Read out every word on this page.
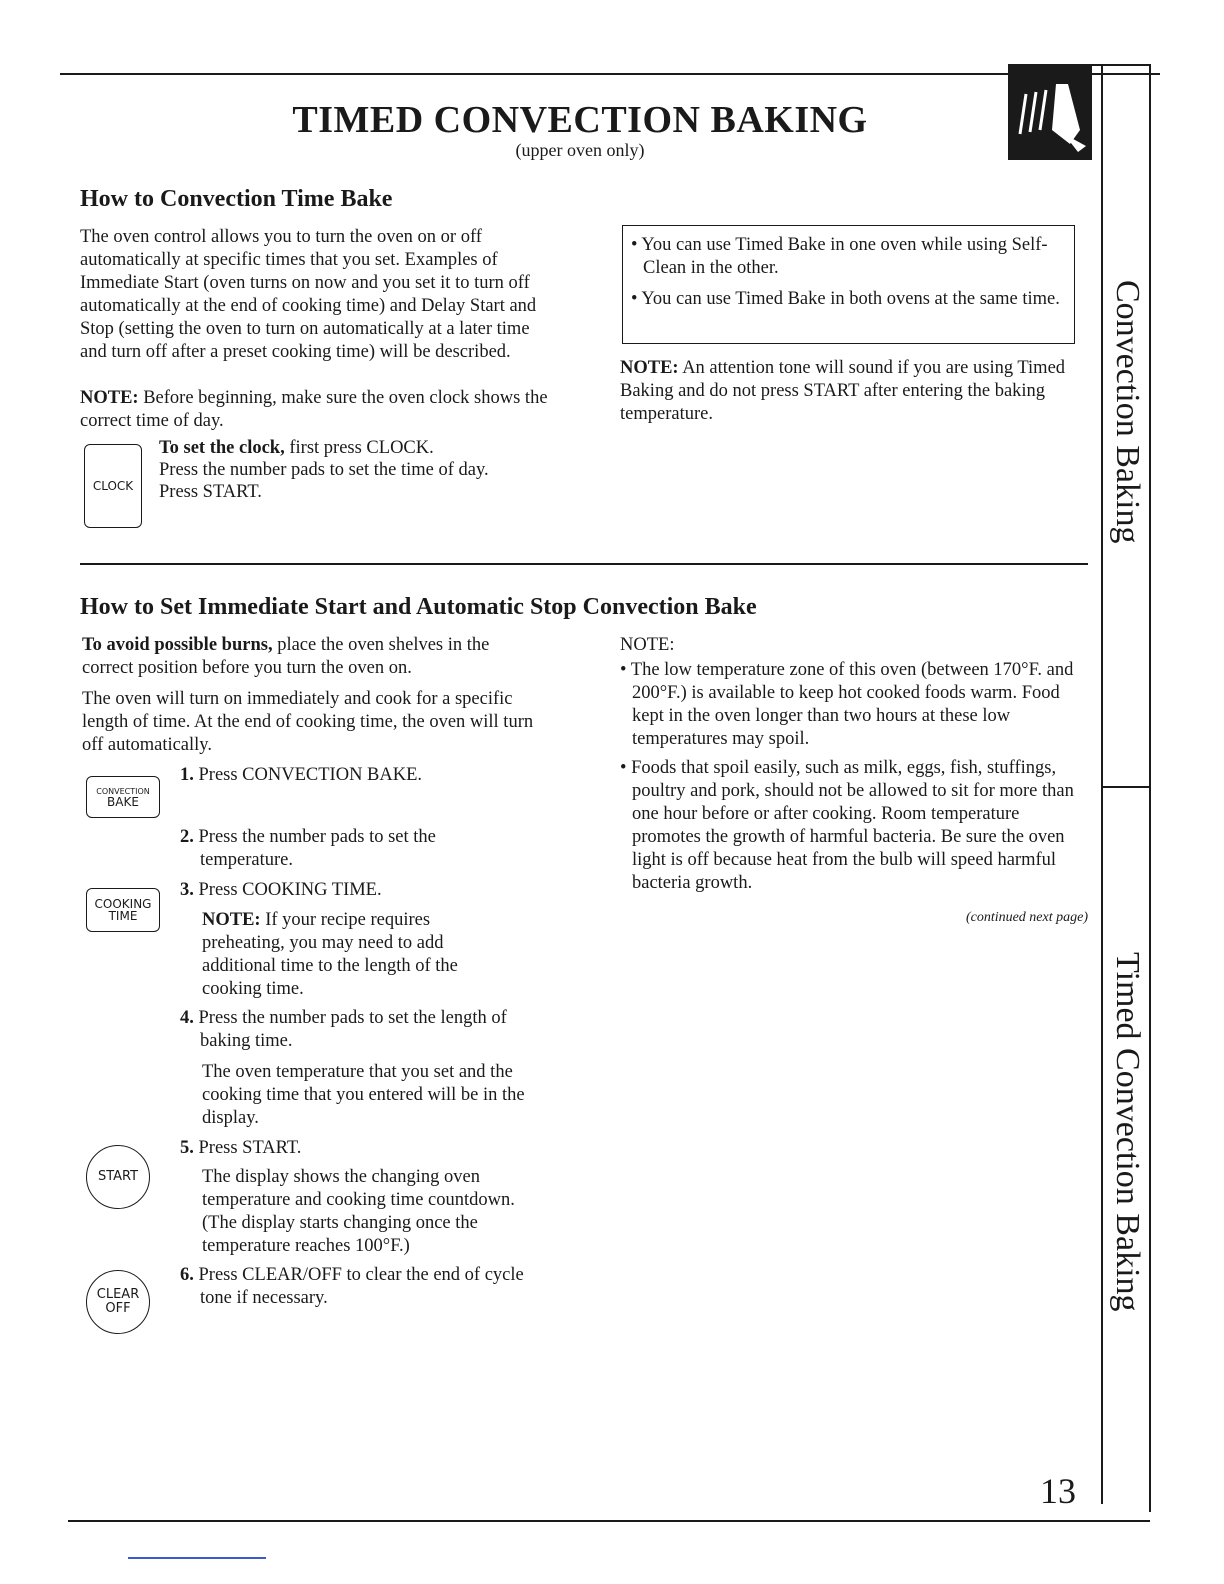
Convection Baking
Timed Convection Baking
TIMED CONVECTION BAKING
(upper oven only)
How to Convection Time Bake

The oven control allows you to turn the oven on or off automatically at specific times that you set. Examples of Immediate Start (oven turns on now and you set it to turn off automatically at the end of cooking time) and Delay Start and Stop (setting the oven to turn on automatically at a later time and turn off after a preset cooking time) will be described.

NOTE: Before beginning, make sure the oven clock shows the correct time of day.

CLOCK
To set the clock, first press CLOCK.
Press the number pads to set the time of day.
Press START.

• You can use Timed Bake in one oven while using Self-Clean in the other.

• You can use Timed Bake in both ovens at the same time.

NOTE: An attention tone will sound if you are using Timed Baking and do not press START after entering the baking temperature.

How to Set Immediate Start and Automatic Stop Convection Bake

To avoid possible burns, place the oven shelves in the correct position before you turn the oven on.

The oven will turn on immediately and cook for a specific length of time. At the end of cooking time, the oven will turn off automatically.

CONVECTION
BAKE
COOKING
TIME
START
CLEAR
OFF
1. Press CONVECTION BAKE.
2. Press the number pads to set the temperature.
3. Press COOKING TIME.

NOTE: If your recipe requires preheating, you may need to add additional time to the length of the cooking time.

4. Press the number pads to set the length of baking time.

The oven temperature that you set and the cooking time that you entered will be in the display.

5. Press START.

The display shows the changing oven temperature and cooking time countdown. (The display starts changing once the temperature reaches 100°F.)

6. Press CLEAR/OFF to clear the end of cycle tone if necessary.

NOTE:

• The low temperature zone of this oven (between 170°F. and 200°F.) is available to keep hot cooked foods warm. Food kept in the oven longer than two hours at these low temperatures may spoil.

• Foods that spoil easily, such as milk, eggs, fish, stuffings, poultry and pork, should not be allowed to sit for more than one hour before or after cooking. Room temperature promotes the growth of harmful bacteria. Be sure the oven light is off because heat from the bulb will speed harmful bacteria growth.

(continued next page)
13
